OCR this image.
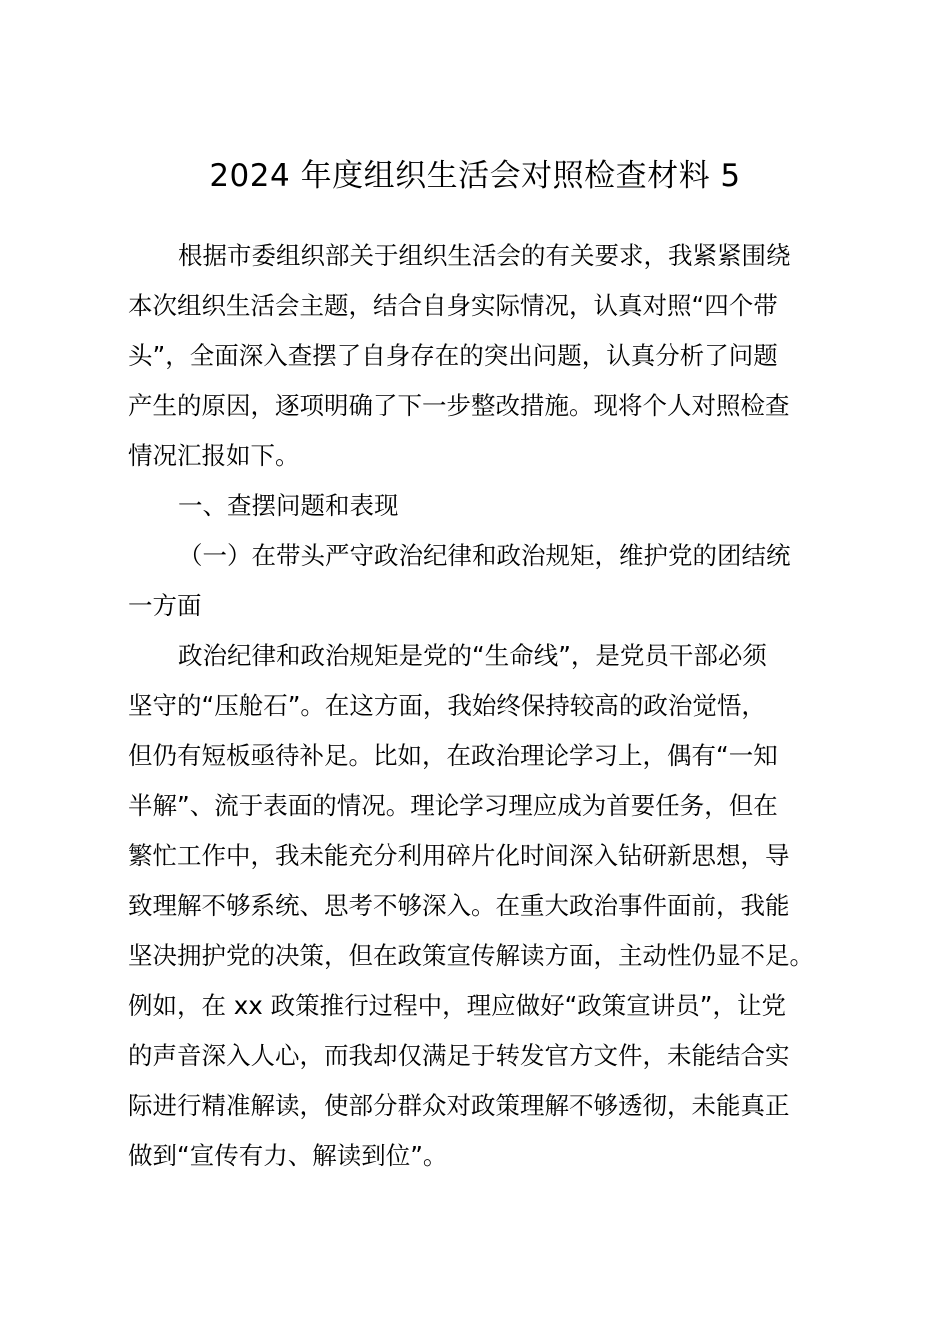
2024 年度组织生活会对照检查材料 5
根据市委组织部关于组织生活会的有关要求，我紧紧围绕
本次组织生活会主题，结合自身实际情况，认真对照“四个带
头”，全面深入查摆了自身存在的突出问题，认真分析了问题
产生的原因，逐项明确了下一步整改措施。现将个人对照检查
情况汇报如下。
一、查摆问题和表现
（一）在带头严守政治纪律和政治规矩，维护党的团结统
一方面
政治纪律和政治规矩是党的“生命线”，是党员干部必须
坚守的“压舱石”。在这方面，我始终保持较高的政治觉悟，
但仍有短板亟待补足。比如，在政治理论学习上，偶有“一知
半解”、流于表面的情况。理论学习理应成为首要任务，但在
繁忙工作中，我未能充分利用碎片化时间深入钻研新思想，导
致理解不够系统、思考不够深入。在重大政治事件面前，我能
坚决拥护党的决策，但在政策宣传解读方面，主动性仍显不足。
例如，在 xx 政策推行过程中，理应做好“政策宣讲员”，让党
的声音深入人心，而我却仅满足于转发官方文件，未能结合实
际进行精准解读，使部分群众对政策理解不够透彻，未能真正
做到“宣传有力、解读到位”。
